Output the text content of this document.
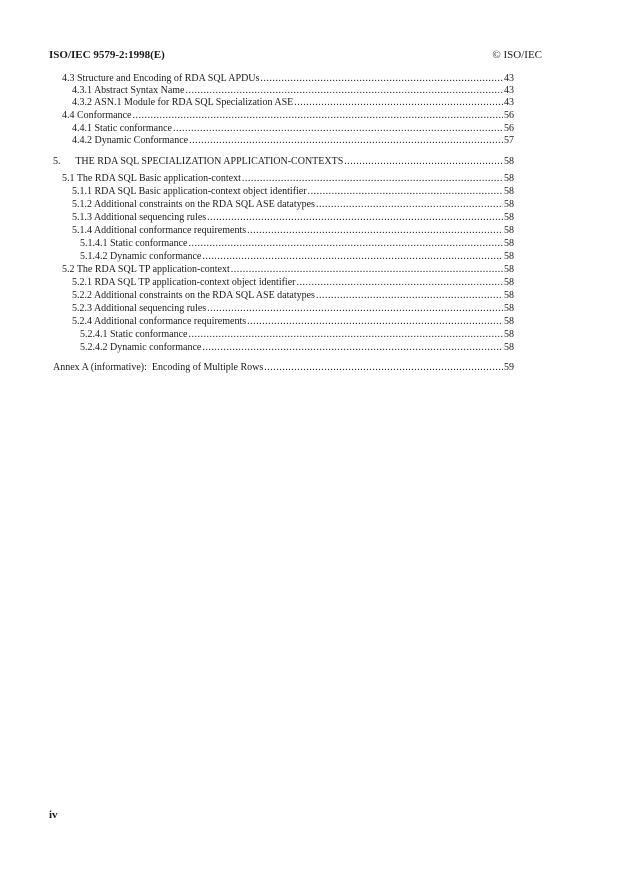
ISO/IEC 9579-2:1998(E)	© ISO/IEC
4.3 Structure and Encoding of RDA SQL APDUs .....	43
4.3.1 Abstract Syntax Name .....	43
4.3.2 ASN.1 Module for RDA SQL Specialization ASE .....	43
4.4 Conformance .....	56
4.4.1 Static conformance .....	56
4.4.2 Dynamic Conformance .....	57
5.      THE RDA SQL SPECIALIZATION APPLICATION-CONTEXTS .....	58
5.1 The RDA SQL Basic application-context .....	58
5.1.1 RDA SQL Basic application-context object identifier .....	58
5.1.2 Additional constraints on the RDA SQL ASE datatypes .....	58
5.1.3 Additional sequencing rules .....	58
5.1.4 Additional conformance requirements .....	58
5.1.4.1 Static conformance .....	58
5.1.4.2 Dynamic conformance .....	58
5.2 The RDA SQL TP application-context .....	58
5.2.1 RDA SQL TP application-context object identifier .....	58
5.2.2 Additional constraints on the RDA SQL ASE datatypes .....	58
5.2.3 Additional sequencing rules .....	58
5.2.4 Additional conformance requirements .....	58
5.2.4.1 Static conformance .....	58
5.2.4.2 Dynamic conformance .....	58
Annex A (informative):  Encoding of Multiple Rows .....	59
iv
